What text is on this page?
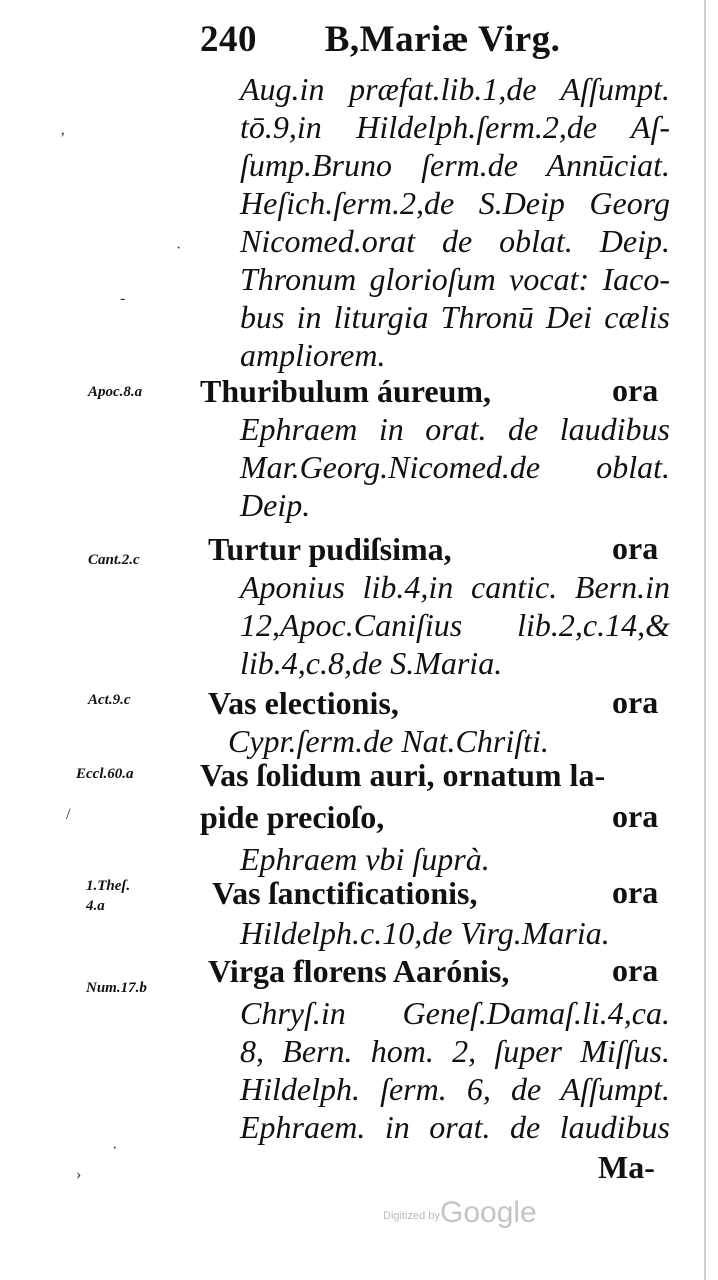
240 B,Mariæ Virg.
Aug.in præfat.lib.1,de Aſſumpt.
tō.9,in Hildelph.ſerm.2,de Aſ-
ſump.Bruno ſerm.de Annūciat.
Heſich.ſerm.2,de S.Deip Georg
Nicomed.orat de oblat. Deip.
Thronum glorioſum vocat: Iaco-
bus in liturgia Thronū Dei cælis
ampliorem.
Apoc.8.a Thuribulum áureum,	ora
Ephraem in orat. de laudibus
Mar.Georg.Nicomed.de oblat.
Deip.
Cant.2.c Turtur pudiſsima,	ora
Aponius lib.4,in cantic. Bern.in
12,Apoc.Caniſius lib.2,c.14,&
lib.4,c.8,de S.Maria.
Act.9.c Vas electionis,	ora
Cypr.ſerm.de Nat.Chriſti.
Eccl.60.a Vas ſolidum auri, ornatum la-
pide precioſo,	ora
Ephraem vbi ſuprà.
1.Theſ.
4.a	Vas ſanctificationis,	ora
Hildelph.c.10,de Virg.Maria.
Num.17.b Virga florens Aarónis,	ora
Chryſ.in Geneſ.Damaſ.li.4,ca.
8, Bern. hom. 2, ſuper Miſſus.
Hildelph. ſerm. 6, de Aſſumpt.
Ephraem. in orat. de laudibus
Ma-
’
·
-
/
·
›
Digitized by Google
